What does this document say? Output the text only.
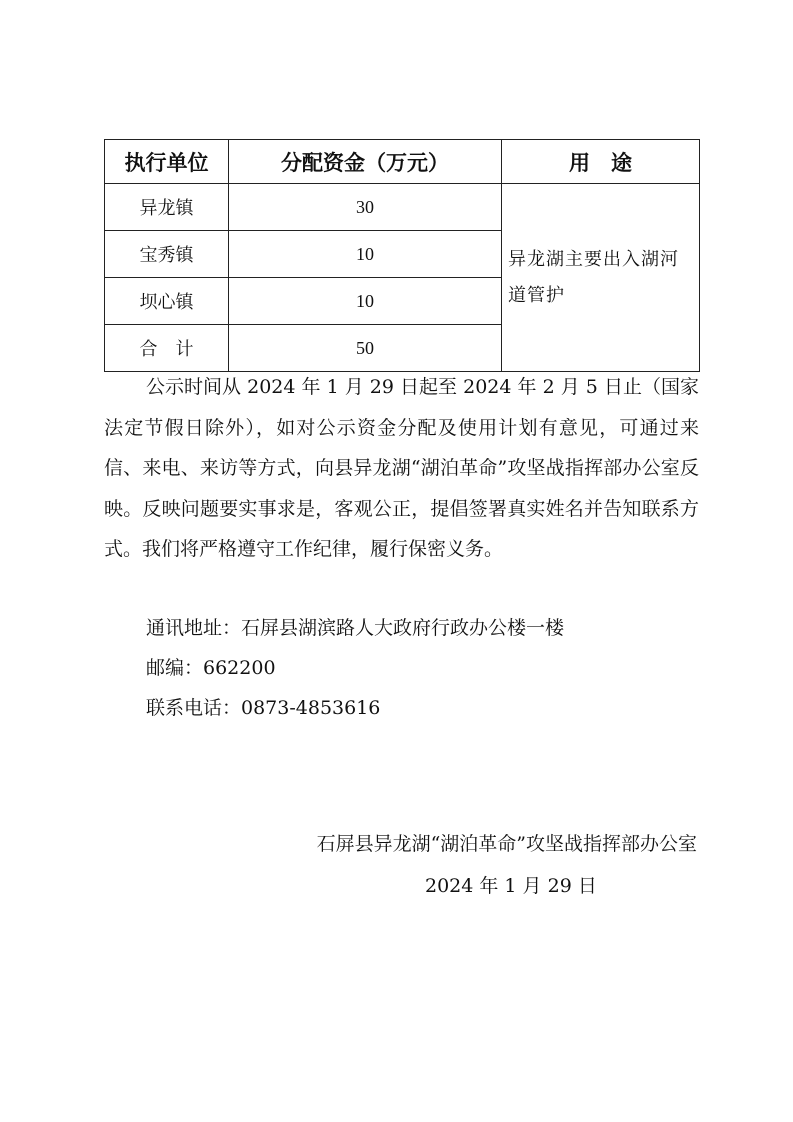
执行单位	分配资金（万元）	用　途
异龙镇	30	异龙湖主要出入湖河道管护
宝秀镇	10	
坝心镇	10	
合　计	50	
公示时间从 2024 年 1 月 29 日起至 2024 年 2 月 5 日止（国家法定节假日除外），如对公示资金分配及使用计划有意见，可通过来信、来电、来访等方式，向县异龙湖“湖泊革命”攻坚战指挥部办公室反映。反映问题要实事求是，客观公正，提倡签署真实姓名并告知联系方式。我们将严格遵守工作纪律，履行保密义务。
通讯地址：石屏县湖滨路人大政府行政办公楼一楼
邮编：662200
联系电话：0873-4853616
石屏县异龙湖“湖泊革命”攻坚战指挥部办公室
2024 年 1 月 29 日
